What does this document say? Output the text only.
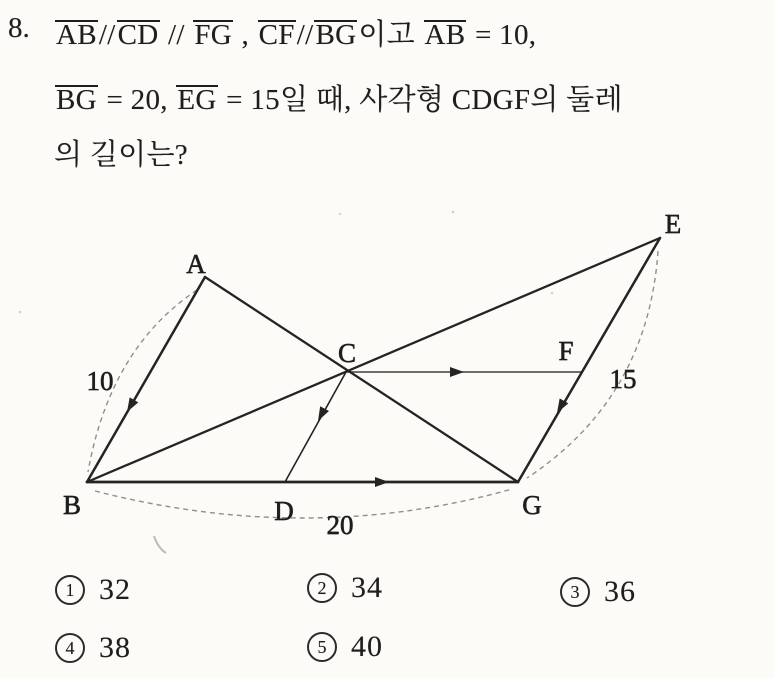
8. AB//CD // FG , CF//BG이고 AB = 10,
BG = 20, EG = 15일 때, 사각형 CDGF의 둘레
의 길이는?
A
B
C
D
E
F
G
10	15
20
1 32	2 34	3 36
4 38	5 40
